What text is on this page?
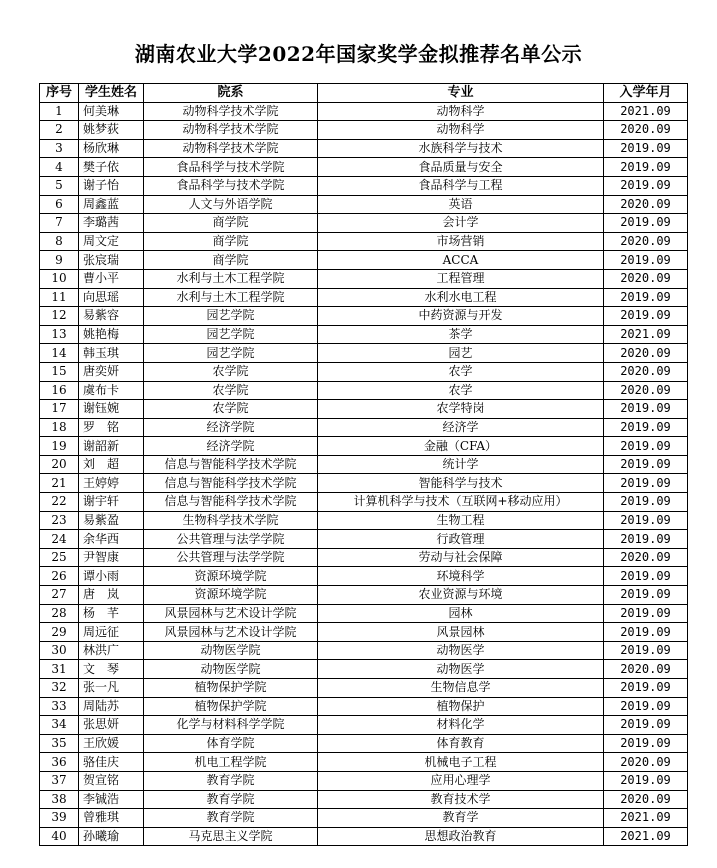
湖南农业大学2022年国家奖学金拟推荐名单公示
序号	学生姓名	院系	专业	入学年月
1	何美琳	动物科学技术学院	动物科学	2021.09
2	姚梦荻	动物科学技术学院	动物科学	2020.09
3	杨欣琳	动物科学技术学院	水族科学与技术	2019.09
4	樊子依	食品科学与技术学院	食品质量与安全	2019.09
5	谢子怡	食品科学与技术学院	食品科学与工程	2019.09
6	周鑫蓝	人文与外语学院	英语	2020.09
7	李璐茜	商学院	会计学	2019.09
8	周文定	商学院	市场营销	2020.09
9	张宸瑞	商学院	ACCA	2019.09
10	曹小平	水利与土木工程学院	工程管理	2020.09
11	向思瑶	水利与土木工程学院	水利水电工程	2019.09
12	易紫容	园艺学院	中药资源与开发	2019.09
13	姚艳梅	园艺学院	茶学	2021.09
14	韩玉琪	园艺学院	园艺	2020.09
15	唐奕妍	农学院	农学	2020.09
16	虞布卡	农学院	农学	2020.09
17	谢钰婉	农学院	农学特岗	2019.09
18	罗　铭	经济学院	经济学	2019.09
19	谢韶新	经济学院	金融（CFA）	2019.09
20	刘　超	信息与智能科学技术学院	统计学	2019.09
21	王婷婷	信息与智能科学技术学院	智能科学与技术	2019.09
22	谢宇轩	信息与智能科学技术学院	计算机科学与技术（互联网+移动应用）	2019.09
23	易紫盈	生物科学技术学院	生物工程	2019.09
24	余华西	公共管理与法学学院	行政管理	2019.09
25	尹智康	公共管理与法学学院	劳动与社会保障	2020.09
26	谭小雨	资源环境学院	环境科学	2019.09
27	唐　岚	资源环境学院	农业资源与环境	2019.09
28	杨　芊	风景园林与艺术设计学院	园林	2019.09
29	周远征	风景园林与艺术设计学院	风景园林	2019.09
30	林洪广	动物医学院	动物医学	2019.09
31	文　琴	动物医学院	动物医学	2020.09
32	张一凡	植物保护学院	生物信息学	2019.09
33	周陆苏	植物保护学院	植物保护	2019.09
34	张思妍	化学与材料科学学院	材料化学	2019.09
35	王欣媛	体育学院	体育教育	2019.09
36	骆佳庆	机电工程学院	机械电子工程	2020.09
37	贺宣铭	教育学院	应用心理学	2019.09
38	李铖浩	教育学院	教育技术学	2020.09
39	曾雅琪	教育学院	教育学	2021.09
40	孙曦瑜	马克思主义学院	思想政治教育	2021.09
